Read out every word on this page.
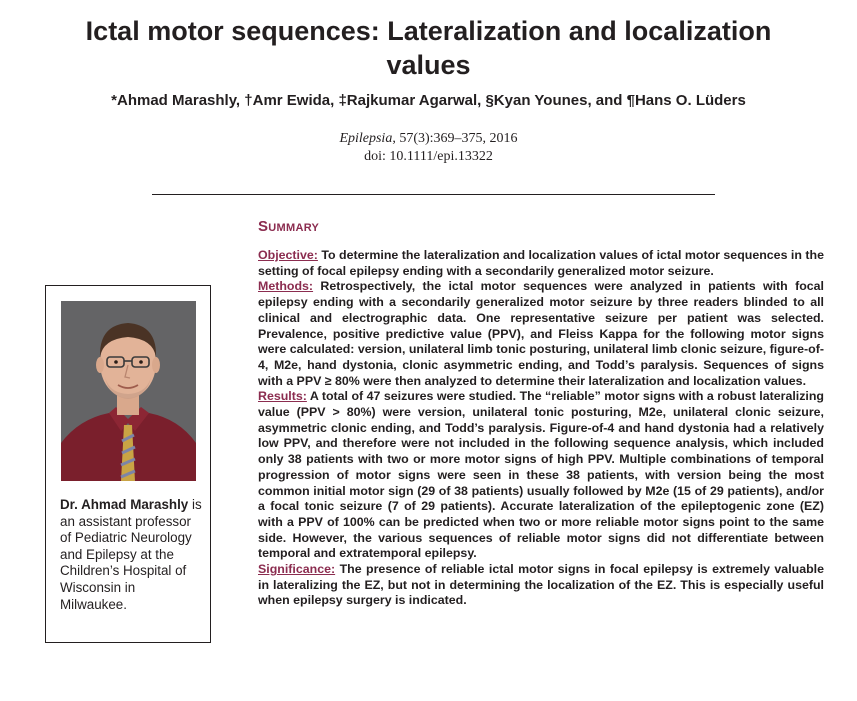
Ictal motor sequences: Lateralization and localization
values
*Ahmad Marashly, †Amr Ewida, ‡Rajkumar Agarwal, §Kyan Younes, and ¶Hans O. Lüders
Epilepsia, 57(3):369–375, 2016
doi: 10.1111/epi.13322
Summary

Objective: To determine the lateralization and localization values of ictal motor sequences in the setting of focal epilepsy ending with a secondarily generalized motor seizure.

Methods: Retrospectively, the ictal motor sequences were analyzed in patients with focal epilepsy ending with a secondarily generalized motor seizure by three readers blinded to all clinical and electrographic data. One representative seizure per patient was selected. Prevalence, positive predictive value (PPV), and Fleiss Kappa for the following motor signs were calculated: version, unilateral limb tonic posturing, unilateral limb clonic seizure, figure-of-4, M2e, hand dystonia, clonic asymmetric ending, and Todd’s paralysis. Sequences of signs with a PPV ≥ 80% were then analyzed to determine their lateralization and localization values.

Results: A total of 47 seizures were studied. The “reliable” motor signs with a robust lateralizing value (PPV > 80%) were version, unilateral tonic posturing, M2e, unilateral clonic seizure, asymmetric clonic ending, and Todd’s paralysis. Figure-of-4 and hand dystonia had a relatively low PPV, and therefore were not included in the following sequence analysis, which included only 38 patients with two or more motor signs of high PPV. Multiple combinations of temporal progression of motor signs were seen in these 38 patients, with version being the most common initial motor sign (29 of 38 patients) usually followed by M2e (15 of 29 patients), and/or a focal tonic seizure (7 of 29 patients). Accurate lateralization of the epileptogenic zone (EZ) with a PPV of 100% can be predicted when two or more reliable motor signs point to the same side. However, the various sequences of reliable motor signs did not differentiate between temporal and extratemporal epilepsy.

Significance: The presence of reliable ictal motor signs in focal epilepsy is extremely valuable in lateralizing the EZ, but not in determining the localization of the EZ. This is especially useful when epilepsy surgery is indicated.

Dr. Ahmad Marashly is an assistant professor of Pediatric Neurology and Epilepsy at the Children’s Hospital of Wisconsin in Milwaukee.
